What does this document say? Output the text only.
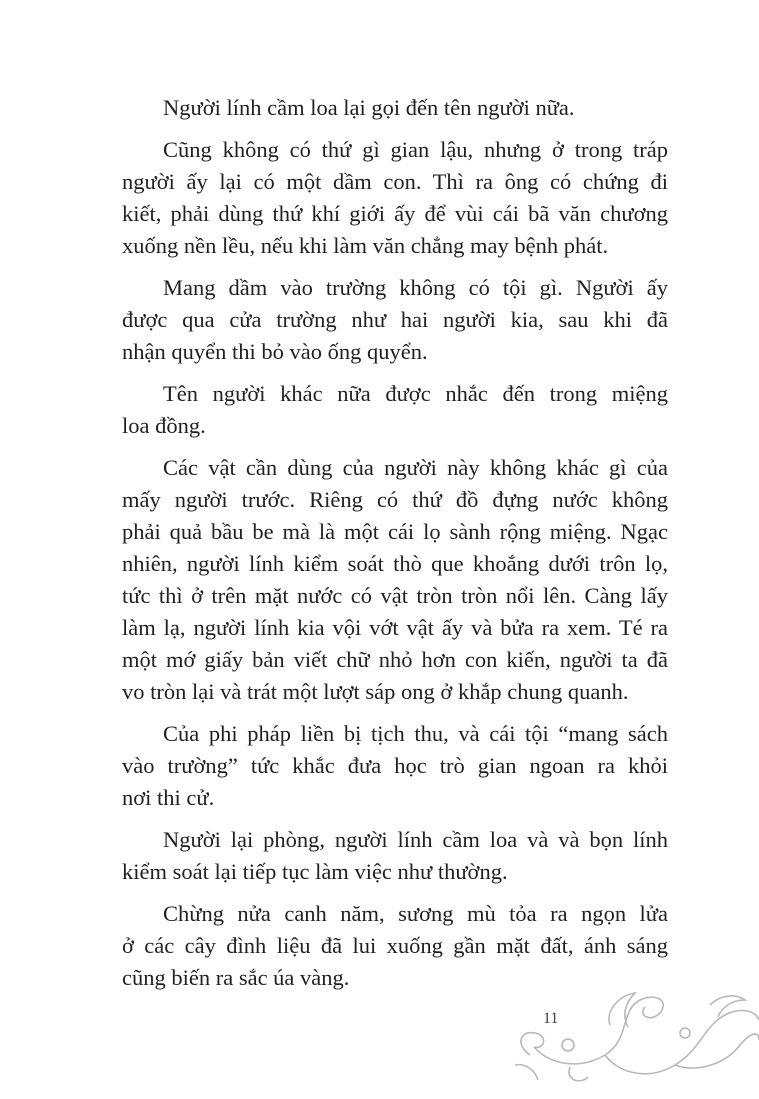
Người lính cầm loa lại gọi đến tên người nữa.
Cũng không có thứ gì gian lậu, nhưng ở trong tráp
người ấy lại có một dầm con. Thì ra ông có chứng đi
kiết, phải dùng thứ khí giới ấy để vùi cái bã văn chương
xuống nền lều, nếu khi làm văn chẳng may bệnh phát.
Mang dầm vào trường không có tội gì. Người ấy
được qua cửa trường như hai người kia, sau khi đã
nhận quyển thi bỏ vào ống quyển.
Tên người khác nữa được nhắc đến trong miệng
loa đồng.
Các vật cần dùng của người này không khác gì của
mấy người trước. Riêng có thứ đồ đựng nước không
phải quả bầu be mà là một cái lọ sành rộng miệng. Ngạc
nhiên, người lính kiểm soát thò que khoắng dưới trôn lọ,
tức thì ở trên mặt nước có vật tròn tròn nổi lên. Càng lấy
làm lạ, người lính kia vội vớt vật ấy và bửa ra xem. Té ra
một mớ giấy bản viết chữ nhỏ hơn con kiến, người ta đã
vo tròn lại và trát một lượt sáp ong ở khắp chung quanh.
Của phi pháp liền bị tịch thu, và cái tội “mang sách
vào trường” tức khắc đưa học trò gian ngoan ra khỏi
nơi thi cử.
Người lại phòng, người lính cầm loa và và bọn lính
kiểm soát lại tiếp tục làm việc như thường.
Chừng nửa canh năm, sương mù tỏa ra ngọn lửa
ở các cây đình liệu đã lui xuống gần mặt đất, ánh sáng
cũng biến ra sắc úa vàng.
11
